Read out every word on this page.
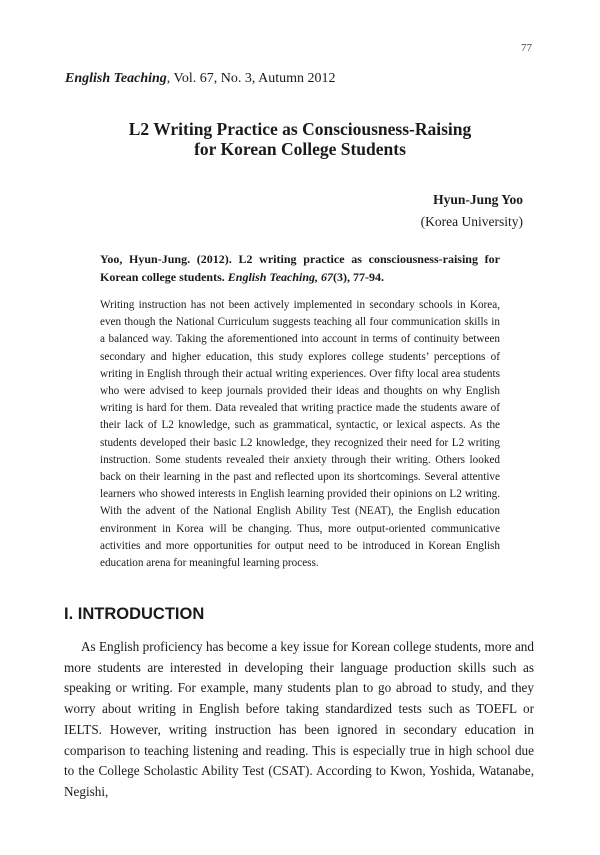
77
English Teaching, Vol. 67, No. 3, Autumn 2012
L2 Writing Practice as Consciousness-Raising
for Korean College Students
Hyun-Jung Yoo
(Korea University)

Yoo, Hyun-Jung. (2012). L2 writing practice as consciousness-raising for Korean college students. English Teaching, 67(3), 77-94.

Writing instruction has not been actively implemented in secondary schools in Korea, even though the National Curriculum suggests teaching all four communication skills in a balanced way. Taking the aforementioned into account in terms of continuity between secondary and higher education, this study explores college students’ perceptions of writing in English through their actual writing experiences. Over fifty local area students who were advised to keep journals provided their ideas and thoughts on why English writing is hard for them. Data revealed that writing practice made the students aware of their lack of L2 knowledge, such as grammatical, syntactic, or lexical aspects. As the students developed their basic L2 knowledge, they recognized their need for L2 writing instruction. Some students revealed their anxiety through their writing. Others looked back on their learning in the past and reflected upon its shortcomings. Several attentive learners who showed interests in English learning provided their opinions on L2 writing. With the advent of the National English Ability Test (NEAT), the English education environment in Korea will be changing. Thus, more output-oriented communicative activities and more opportunities for output need to be introduced in Korean English education arena for meaningful learning process.

I. INTRODUCTION

As English proficiency has become a key issue for Korean college students, more and more students are interested in developing their language production skills such as speaking or writing. For example, many students plan to go abroad to study, and they worry about writing in English before taking standardized tests such as TOEFL or IELTS. However, writing instruction has been ignored in secondary education in comparison to teaching listening and reading. This is especially true in high school due to the College Scholastic Ability Test (CSAT). According to Kwon, Yoshida, Watanabe, Negishi,
